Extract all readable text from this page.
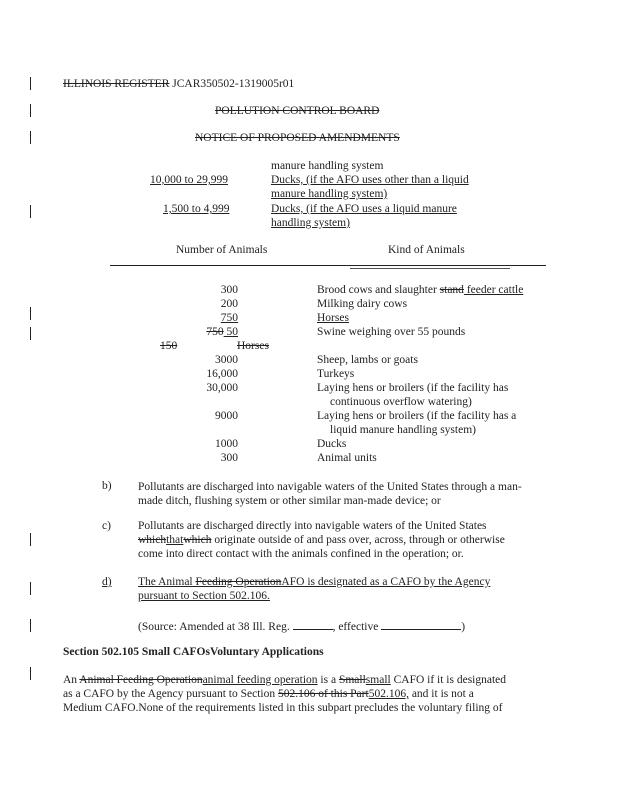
ILLINOIS REGISTER JCAR350502-1319005r01
POLLUTION CONTROL BOARD
NOTICE OF PROPOSED AMENDMENTS
manure handling system
10,000 to 29,999	Ducks, (if the AFO uses other than a liquid
manure handling system)
1,500 to 4,999	Ducks, (if the AFO uses a liquid manure
handling system)
Number of Animals	Kind of Animals
300	Brood cows and slaughter stand feeder cattle
200	Milking dairy cows
750	Horses
750 50	Swine weighing over 55 pounds
150	Horses
3000	Sheep, lambs or goats
16,000	Turkeys
30,000	Laying hens or broilers (if the facility has
continuous overflow watering)
9000	Laying hens or broilers (if the facility has a
liquid manure handling system)
1000	Ducks
300	Animal units
b) Pollutants are discharged into navigable waters of the United States through a man-made ditch, flushing system or other similar man-made device; or
c) Pollutants are discharged directly into navigable waters of the United States
whichthatwhich originate outside of and pass over, across, through or otherwise
come into direct contact with the animals confined in the operation; or.
d) The Animal Feeding OperationAFO is designated as a CAFO by the Agency
pursuant to Section 502.106.
(Source: Amended at 38 Ill. Reg.	, effective	)
Section 502.105 Small CAFOsVoluntary Applications
An Animal Feeding Operationanimal feeding operation is a Smallsmall CAFO if it is designated
as a CAFO by the Agency pursuant to Section 502.106 of this Part502.106, and it is not a
Medium CAFO.None of the requirements listed in this subpart precludes the voluntary filing of
